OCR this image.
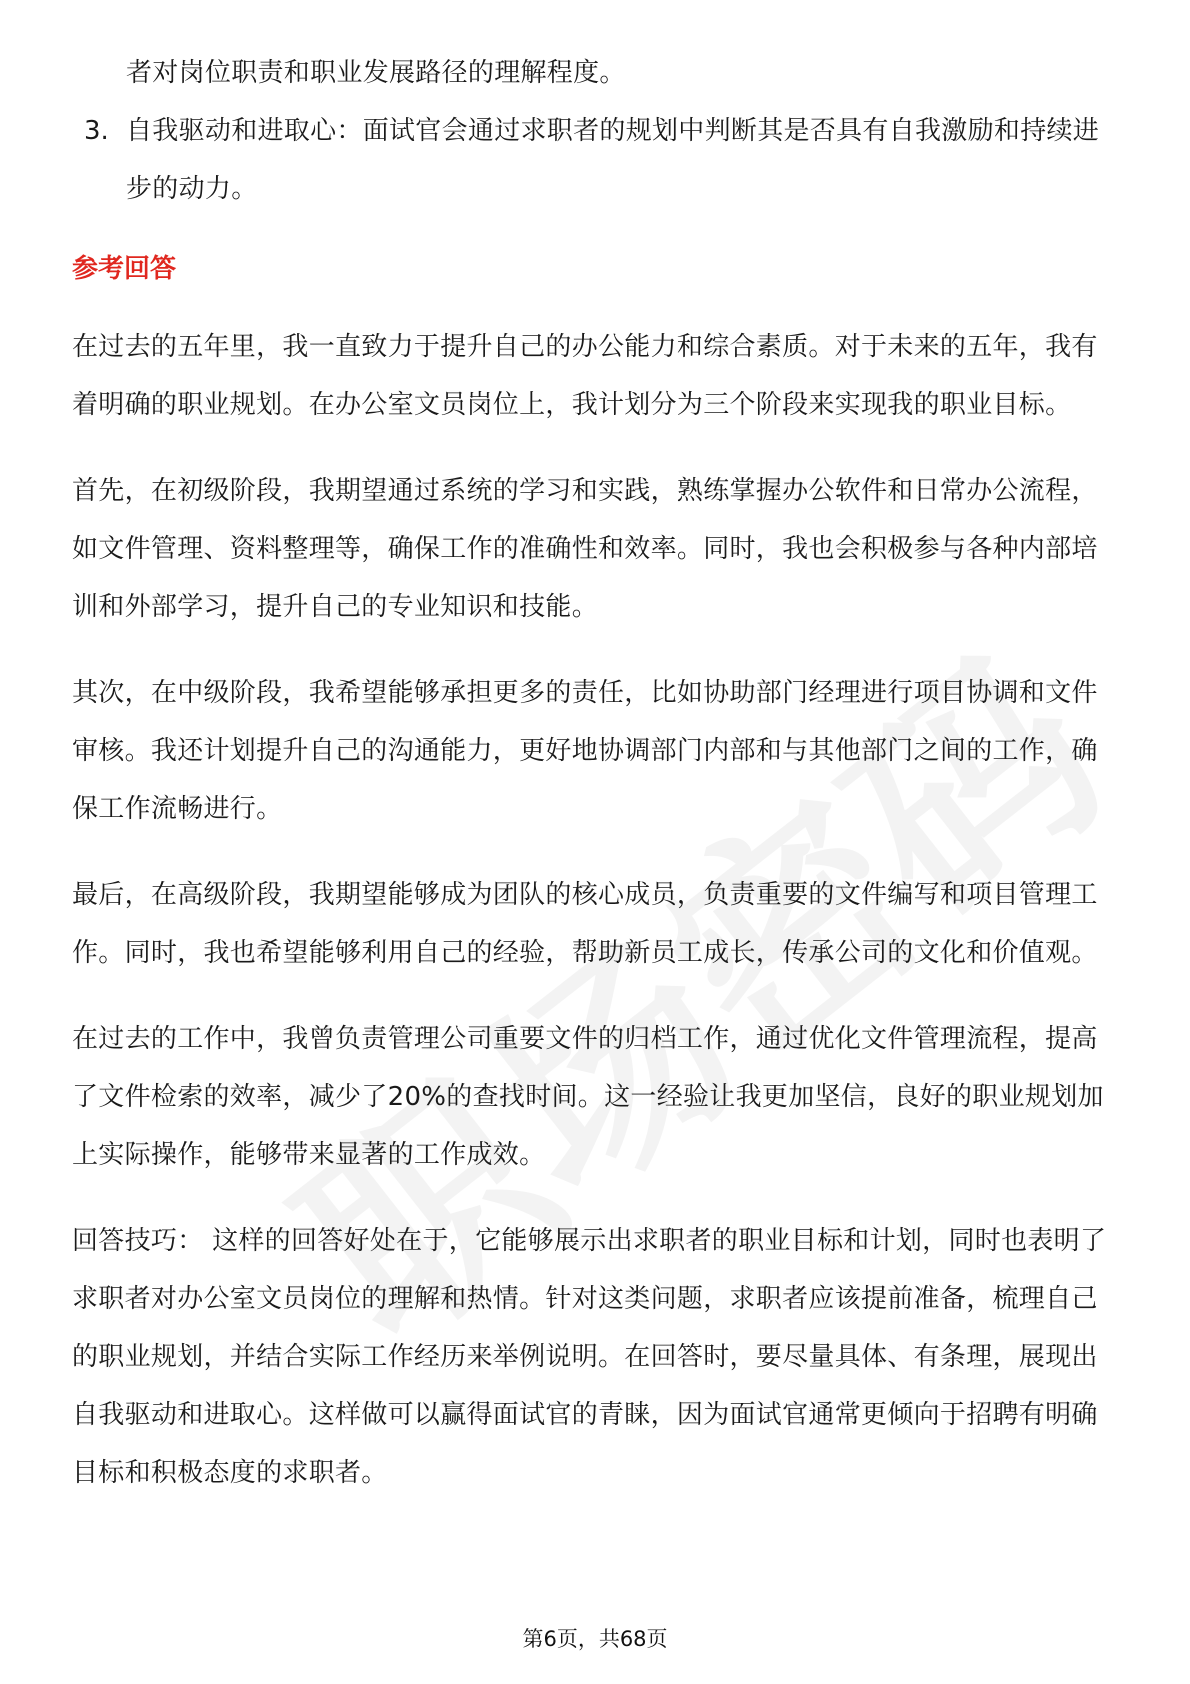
者对岗位职责和职业发展路径的理解程度。

3. 自我驱动和进取心：面试官会通过求职者的规划中判断其是否具有自我激励和持续进步的动力。

参考回答

在过去的五年里，我一直致力于提升自己的办公能力和综合素质。对于未来的五年，我有着明确的职业规划。在办公室文员岗位上，我计划分为三个阶段来实现我的职业目标。

首先，在初级阶段，我期望通过系统的学习和实践，熟练掌握办公软件和日常办公流程，如文件管理、资料整理等，确保工作的准确性和效率。同时，我也会积极参与各种内部培训和外部学习，提升自己的专业知识和技能。

其次，在中级阶段，我希望能够承担更多的责任，比如协助部门经理进行项目协调和文件审核。我还计划提升自己的沟通能力，更好地协调部门内部和与其他部门之间的工作，确保工作流畅进行。

最后，在高级阶段，我期望能够成为团队的核心成员，负责重要的文件编写和项目管理工作。同时，我也希望能够利用自己的经验，帮助新员工成长，传承公司的文化和价值观。

在过去的工作中，我曾负责管理公司重要文件的归档工作，通过优化文件管理流程，提高了文件检索的效率，减少了20%的查找时间。这一经验让我更加坚信，良好的职业规划加上实际操作，能够带来显著的工作成效。

回答技巧： 这样的回答好处在于，它能够展示出求职者的职业目标和计划，同时也表明了求职者对办公室文员岗位的理解和热情。针对这类问题，求职者应该提前准备，梳理自己的职业规划，并结合实际工作经历来举例说明。在回答时，要尽量具体、有条理，展现出自我驱动和进取心。这样做可以赢得面试官的青睐，因为面试官通常更倾向于招聘有明确目标和积极态度的求职者。

第6页，共68页
